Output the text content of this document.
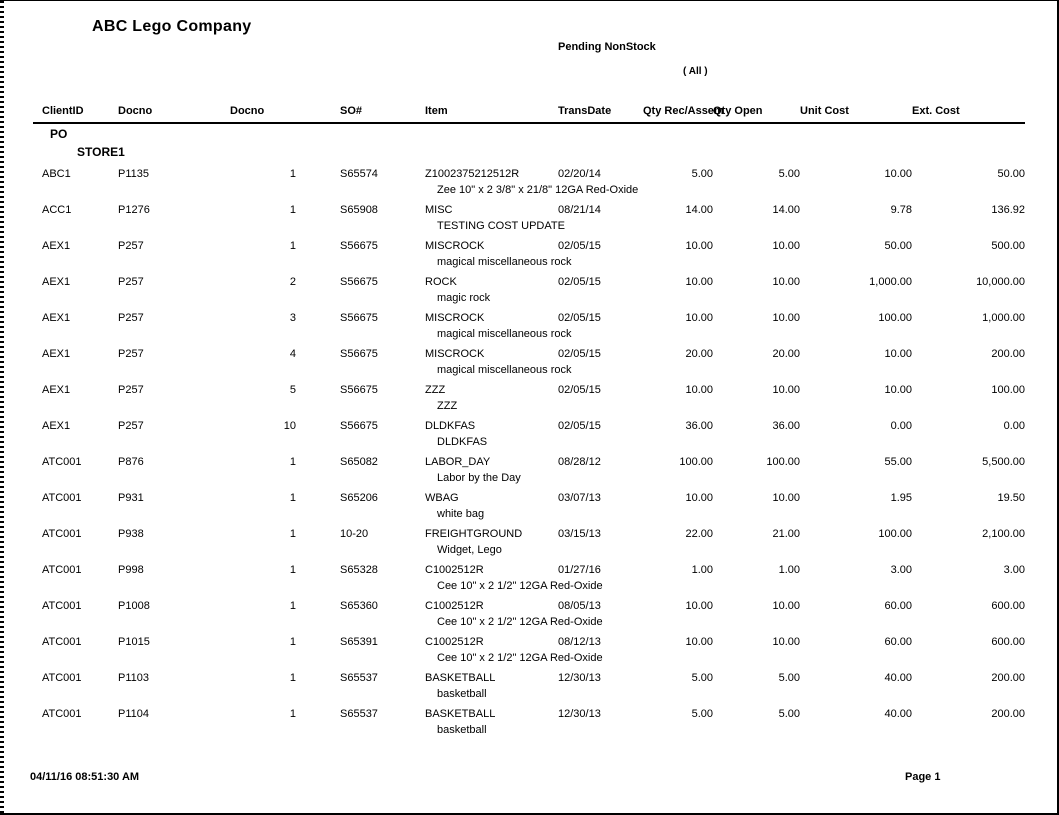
ABC Lego Company
Pending NonStock
( All )
ClientID	Docno	Docno	SO#	Item	TransDate	Qty Rec/Assem	Qty Open	Unit Cost	Ext. Cost
PO									
STORE1									
ABC1	P1135	1	S65574	Z1002375212512R	02/20/14	5.00	5.00	10.00	50.00
				Zee 10" x 2 3/8" x 21/8" 12GA Red-Oxide					
ACC1	P1276	1	S65908	MISC	08/21/14	14.00	14.00	9.78	136.92
				TESTING COST UPDATE					
AEX1	P257	1	S56675	MISCROCK	02/05/15	10.00	10.00	50.00	500.00
				magical miscellaneous rock					
AEX1	P257	2	S56675	ROCK	02/05/15	10.00	10.00	1,000.00	10,000.00
				magic rock					
AEX1	P257	3	S56675	MISCROCK	02/05/15	10.00	10.00	100.00	1,000.00
				magical miscellaneous rock					
AEX1	P257	4	S56675	MISCROCK	02/05/15	20.00	20.00	10.00	200.00
				magical miscellaneous rock					
AEX1	P257	5	S56675	ZZZ	02/05/15	10.00	10.00	10.00	100.00
				ZZZ					
AEX1	P257	10	S56675	DLDKFAS	02/05/15	36.00	36.00	0.00	0.00
				DLDKFAS					
ATC001	P876	1	S65082	LABOR_DAY	08/28/12	100.00	100.00	55.00	5,500.00
				Labor by the Day					
ATC001	P931	1	S65206	WBAG	03/07/13	10.00	10.00	1.95	19.50
				white bag					
ATC001	P938	1	10-20	FREIGHTGROUND	03/15/13	22.00	21.00	100.00	2,100.00
				Widget, Lego					
ATC001	P998	1	S65328	C1002512R	01/27/16	1.00	1.00	3.00	3.00
				Cee 10" x 2 1/2" 12GA Red-Oxide					
ATC001	P1008	1	S65360	C1002512R	08/05/13	10.00	10.00	60.00	600.00
				Cee 10" x 2 1/2" 12GA Red-Oxide					
ATC001	P1015	1	S65391	C1002512R	08/12/13	10.00	10.00	60.00	600.00
				Cee 10" x 2 1/2" 12GA Red-Oxide					
ATC001	P1103	1	S65537	BASKETBALL	12/30/13	5.00	5.00	40.00	200.00
				basketball					
ATC001	P1104	1	S65537	BASKETBALL	12/30/13	5.00	5.00	40.00	200.00
				basketball					
04/11/16 08:51:30 AM	Page 1
